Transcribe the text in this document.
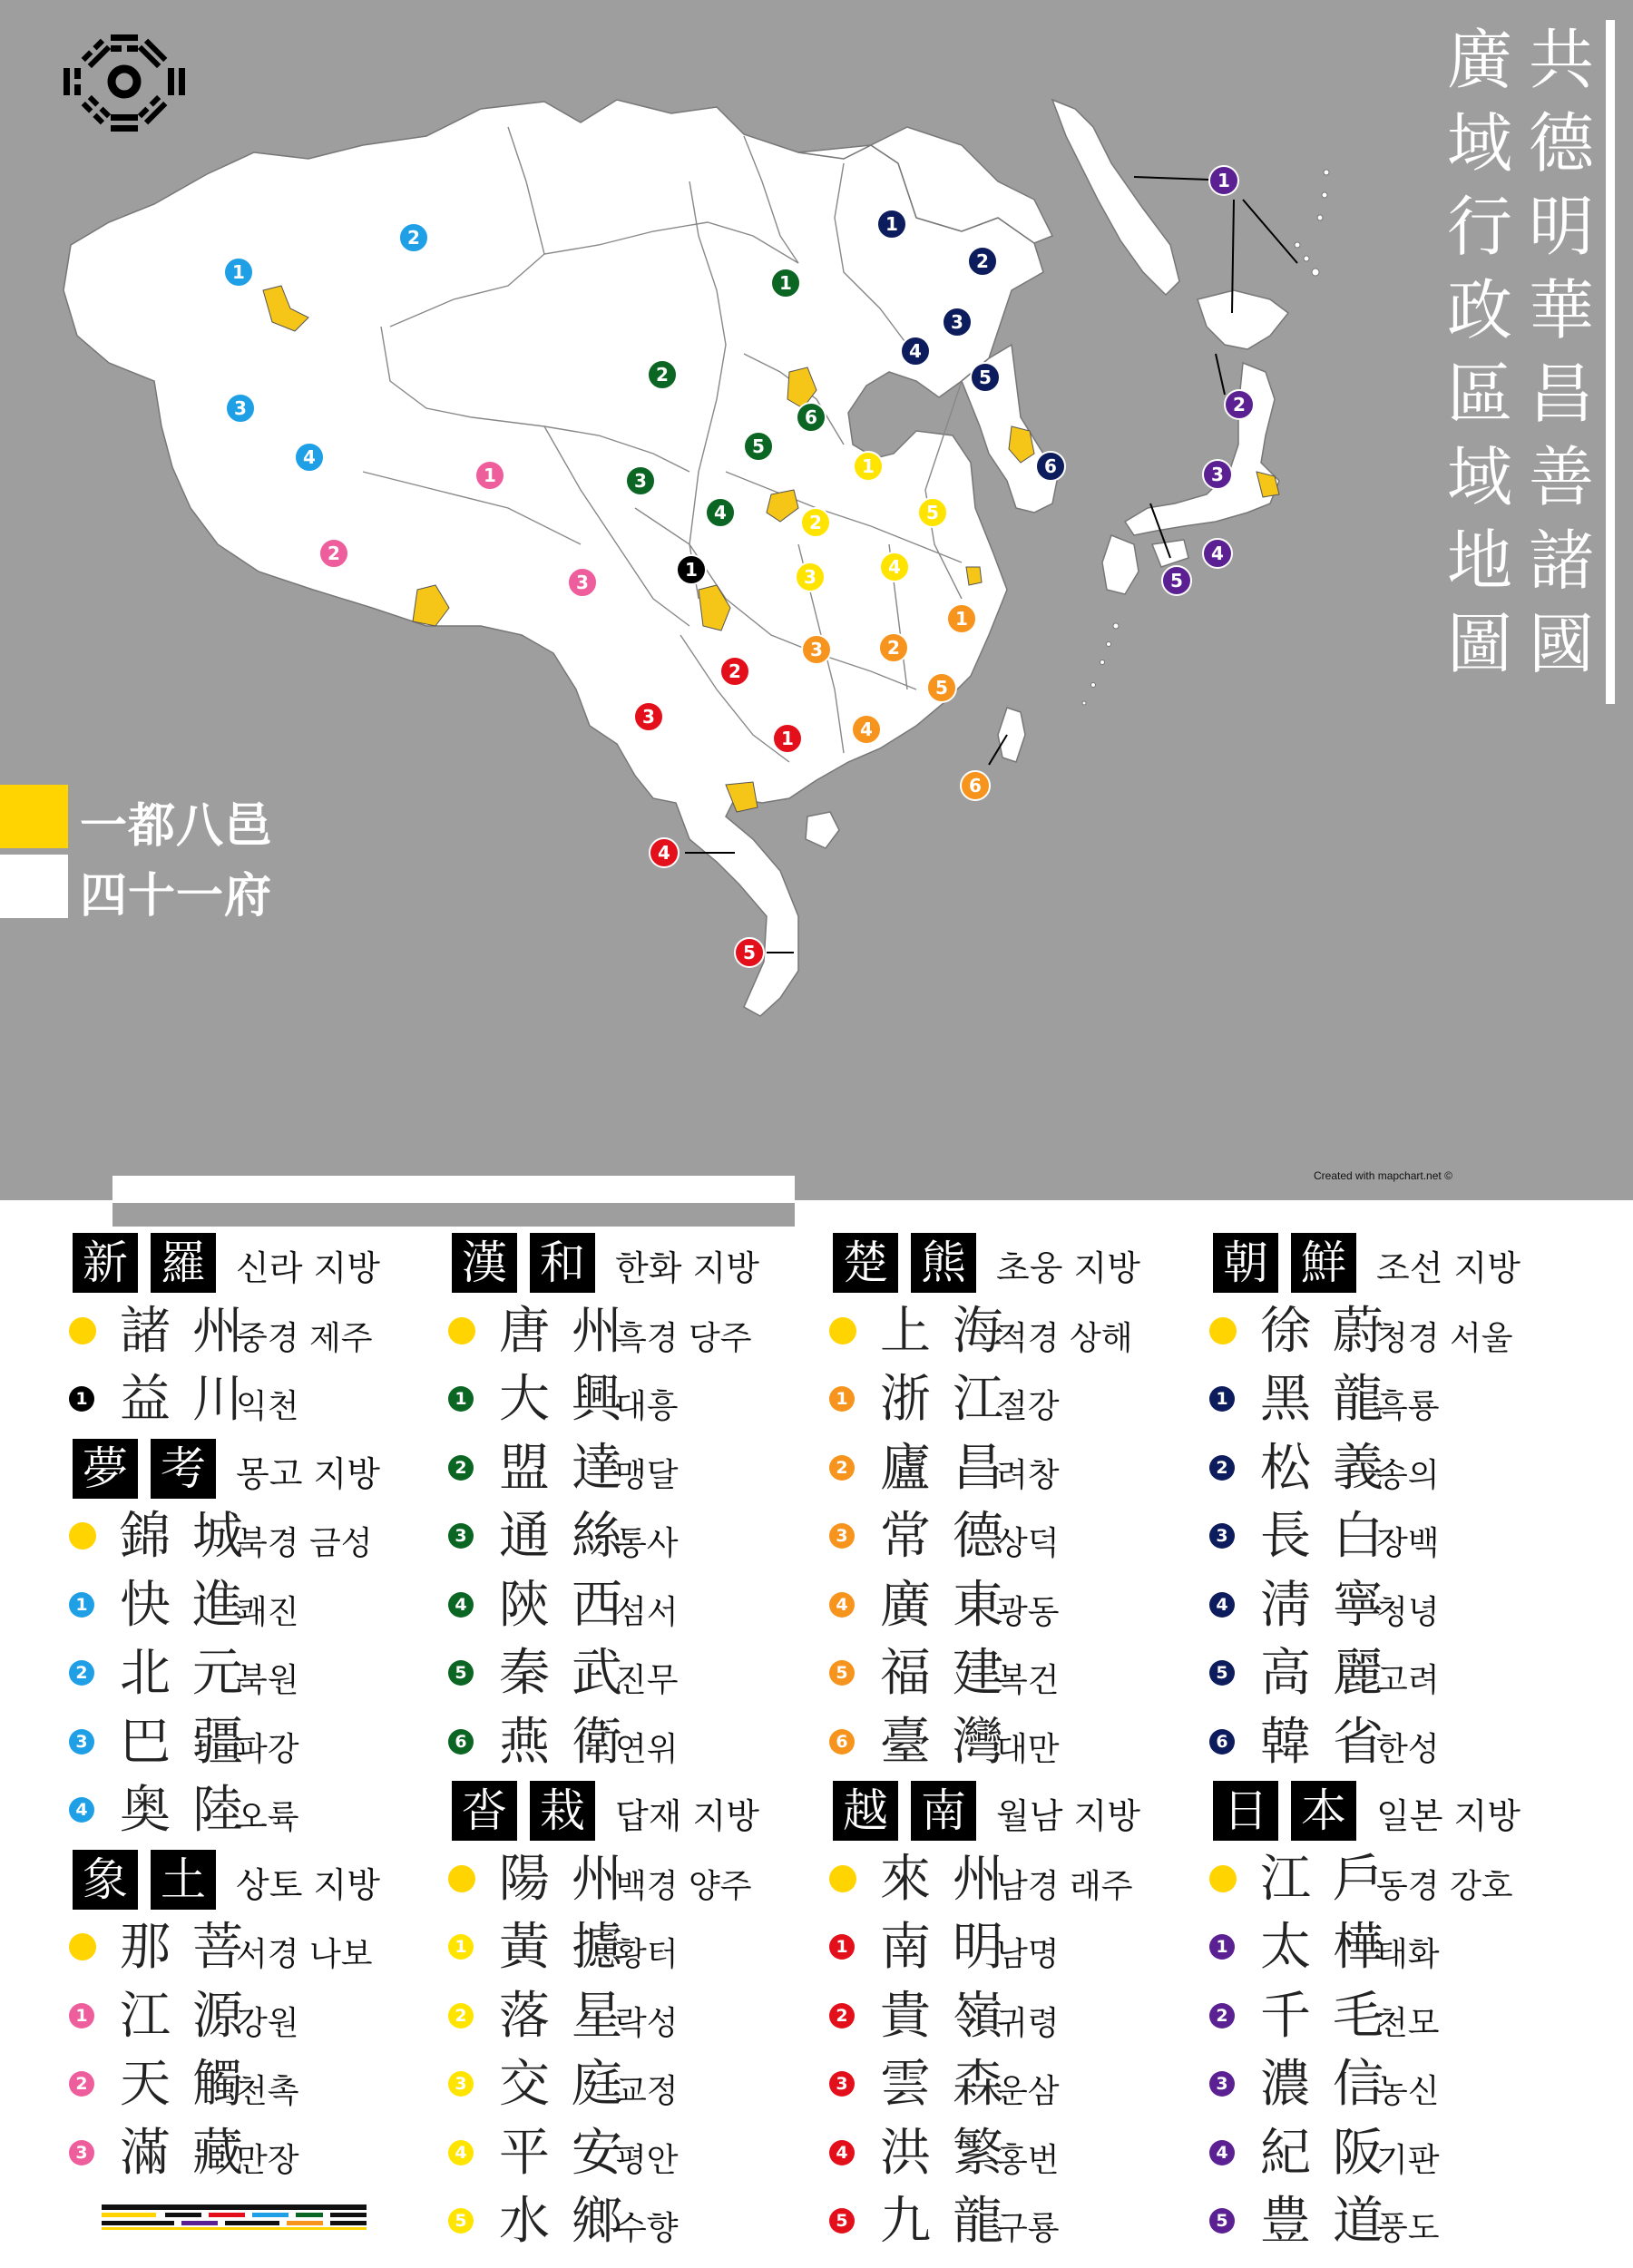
1
2
3
4
1
2
3
1
1
2
3
4
5
6
1
2
3	4
5
1
2
3
4
5
6
1
2
3
4
5
1
2
3
4
5
6
1
2
3
4
5
廣
域
行
政
區
域
地
圖
共
德
明
華
昌
善
諸
國
一都八邑
四十一府
Created with mapchart.net ©
新 羅 신라 지방
諸 州
중경 제주
1 益 川
익천
夢 考 몽고 지방
錦 城
북경 금성
1 快 進
쾌진
2 北 元
북원
3 巴 疆
파강
4 奥 陸
오륙
象 土 상토 지방
那 菩
서경 나보
1 江 源
강원
2 天 觸
천촉
3 滿 藏
만장
漢 和 한화 지방
唐 州
흑경 당주
1 大 興
대흥
2 盟 達
맹달
3 通 絲
통사
4 陝 西
섬서
5 秦 武
진무
6 燕 衛
연위
沓 栽 답재 지방
陽 州
백경 양주
1 黃 攄
황터
2 落 星
락성
3 交 庭
교정
4 平 安
평안
5 水 鄉
수향
楚 熊 초웅 지방
上 海
적경 상해
1 浙 江
절강
2 廬 昌
려창
3 常 德
상덕
4 廣 東
광동
5 福 建
복건
6 臺 灣
대만
越 南 월남 지방
來 州
남경 래주
1 南 明
남명
2 貴 嶺
귀령
3 雲 森
운삼
4 洪 繁
홍번
5 九 龍
구룡
朝 鮮 조선 지방
徐 蔚
청경 서울
1 黑 龍
흑룡
2 松 義
송의
3 長 白
장백
4 淸 寧
청녕
5 高 麗
고려
6 韓 省
한성
日 本 일본 지방
江 戶
동경 강호
1 太 樺
태화
2 千 毛
천모
3 濃 信
농신
4 紀 阪
기판
5 豊 道
풍도
